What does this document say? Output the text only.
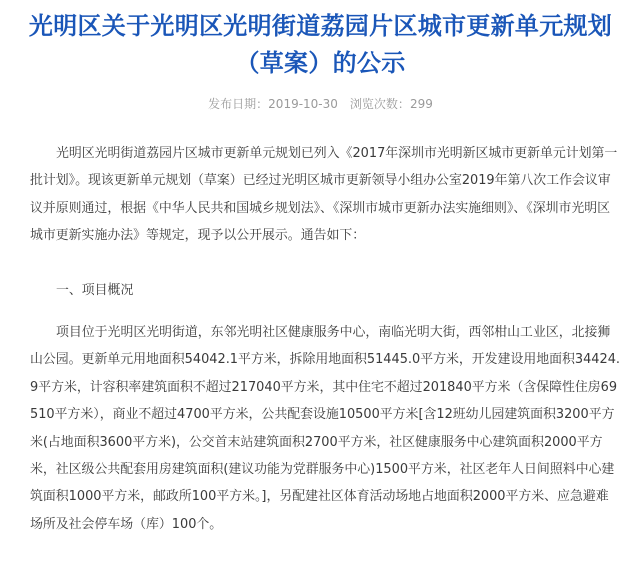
光明区关于光明区光明街道荔园片区城市更新单元规划（草案）的公示
发布日期：2019-10-30 浏览次数：299

光明区光明街道荔园片区城市更新单元规划已列入《2017年深圳市光明新区城市更新单元计划第一批计划》。现该更新单元规划（草案）已经过光明区城市更新领导小组办公室2019年第八次工作会议审议并原则通过，根据《中华人民共和国城乡规划法》、《深圳市城市更新办法实施细则》、《深圳市光明区城市更新实施办法》等规定，现予以公开展示。通告如下：

一、项目概况

项目位于光明区光明街道，东邻光明社区健康服务中心，南临光明大街，西邻柑山工业区，北接狮山公园。更新单元用地面积54042.1平方米，拆除用地面积51445.0平方米，开发建设用地面积34424.9平方米，计容积率建筑面积不超过217040平方米，其中住宅不超过201840平方米（含保障性住房69510平方米），商业不超过4700平方米，公共配套设施10500平方米[含12班幼儿园建筑面积3200平方米(占地面积3600平方米)，公交首末站建筑面积2700平方米，社区健康服务中心建筑面积2000平方米，社区级公共配套用房建筑面积(建议功能为党群服务中心)1500平方米，社区老年人日间照料中心建筑面积1000平方米，邮政所100平方米。]，另配建社区体育活动场地占地面积2000平方米、应急避难场所及社会停车场（库）100个。
